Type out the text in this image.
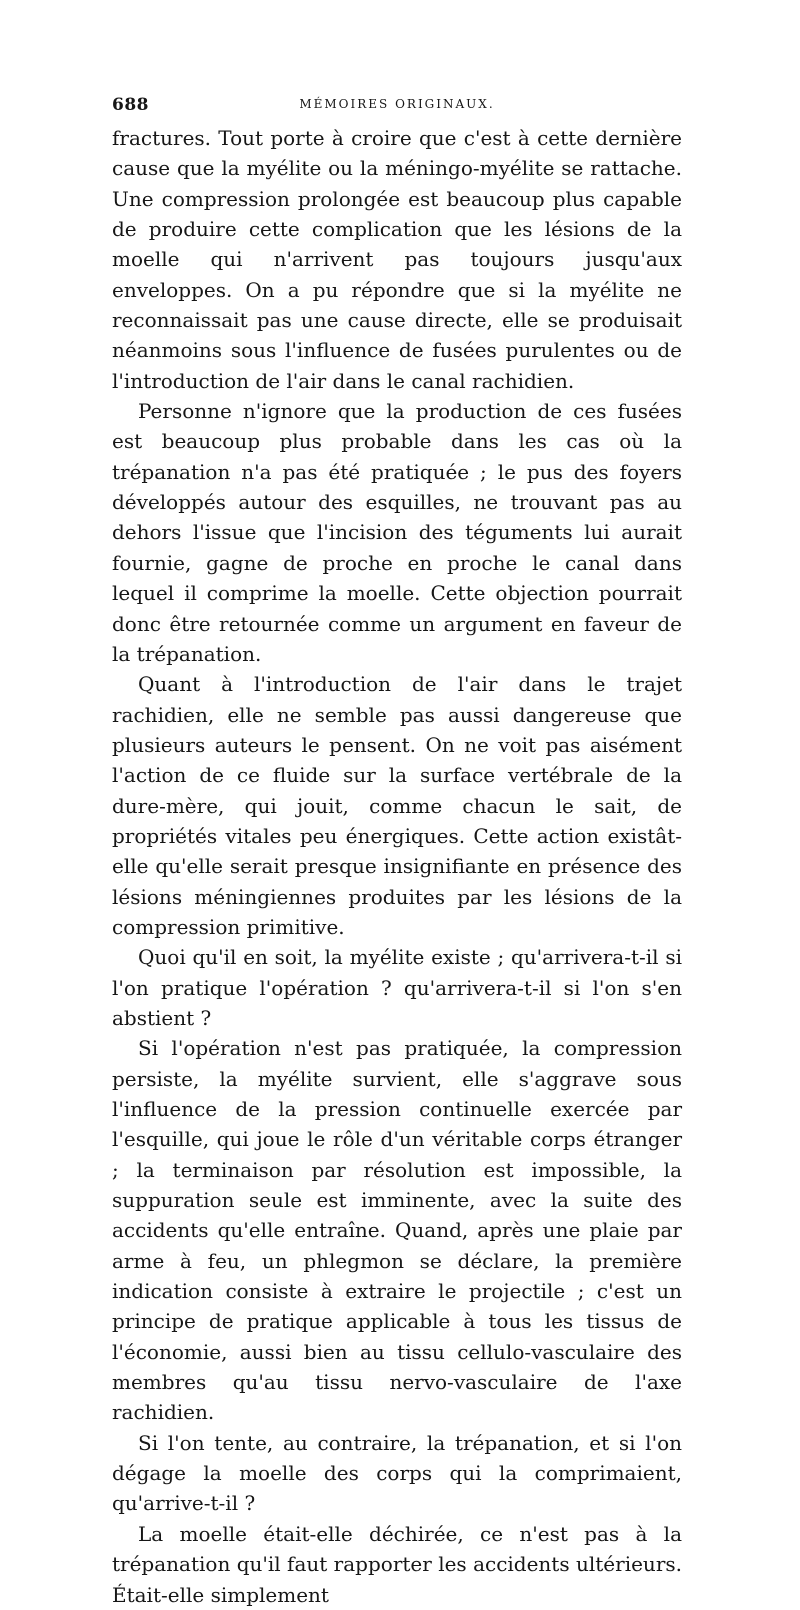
688	MÉMOIRES ORIGINAUX.

fractures. Tout porte à croire que c'est à cette dernière cause que la myélite ou la méningo-myélite se rattache. Une compression prolongée est beaucoup plus capable de produire cette complication que les lésions de la moelle qui n'arrivent pas toujours jusqu'aux enveloppes. On a pu répondre que si la myélite ne reconnaissait pas une cause directe, elle se produisait néanmoins sous l'influence de fusées purulentes ou de l'introduction de l'air dans le canal rachidien.

Personne n'ignore que la production de ces fusées est beaucoup plus probable dans les cas où la trépanation n'a pas été pratiquée ; le pus des foyers développés autour des esquilles, ne trouvant pas au dehors l'issue que l'incision des téguments lui aurait fournie, gagne de proche en proche le canal dans lequel il comprime la moelle. Cette objection pourrait donc être retournée comme un argument en faveur de la trépanation.

Quant à l'introduction de l'air dans le trajet rachidien, elle ne semble pas aussi dangereuse que plusieurs auteurs le pensent. On ne voit pas aisément l'action de ce fluide sur la surface vertébrale de la dure-mère, qui jouit, comme chacun le sait, de propriétés vitales peu énergiques. Cette action existât-elle qu'elle serait presque insignifiante en présence des lésions méningiennes produites par les lésions de la compression primitive.

Quoi qu'il en soit, la myélite existe ; qu'arrivera-t-il si l'on pratique l'opération ? qu'arrivera-t-il si l'on s'en abstient ?

Si l'opération n'est pas pratiquée, la compression persiste, la myélite survient, elle s'aggrave sous l'influence de la pression continuelle exercée par l'esquille, qui joue le rôle d'un véritable corps étranger ; la terminaison par résolution est impossible, la suppuration seule est imminente, avec la suite des accidents qu'elle entraîne. Quand, après une plaie par arme à feu, un phlegmon se déclare, la première indication consiste à extraire le projectile ; c'est un principe de pratique applicable à tous les tissus de l'économie, aussi bien au tissu cellulo-vasculaire des membres qu'au tissu nervo-vasculaire de l'axe rachidien.

Si l'on tente, au contraire, la trépanation, et si l'on dégage la moelle des corps qui la comprimaient, qu'arrive-t-il ?

La moelle était-elle déchirée, ce n'est pas à la trépanation qu'il faut rapporter les accidents ultérieurs. Était-elle simplement
